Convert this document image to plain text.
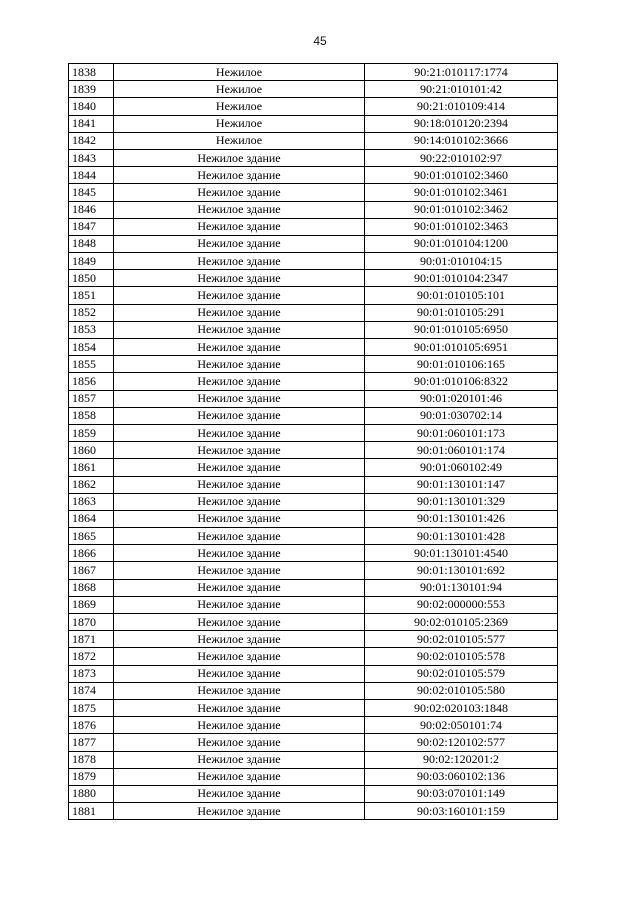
45
1838	Нежилое	90:21:010117:1774
1839	Нежилое	90:21:010101:42
1840	Нежилое	90:21:010109:414
1841	Нежилое	90:18:010120:2394
1842	Нежилое	90:14:010102:3666
1843	Нежилое здание	90:22:010102:97
1844	Нежилое здание	90:01:010102:3460
1845	Нежилое здание	90:01:010102:3461
1846	Нежилое здание	90:01:010102:3462
1847	Нежилое здание	90:01:010102:3463
1848	Нежилое здание	90:01:010104:1200
1849	Нежилое здание	90:01:010104:15
1850	Нежилое здание	90:01:010104:2347
1851	Нежилое здание	90:01:010105:101
1852	Нежилое здание	90:01:010105:291
1853	Нежилое здание	90:01:010105:6950
1854	Нежилое здание	90:01:010105:6951
1855	Нежилое здание	90:01:010106:165
1856	Нежилое здание	90:01:010106:8322
1857	Нежилое здание	90:01:020101:46
1858	Нежилое здание	90:01:030702:14
1859	Нежилое здание	90:01:060101:173
1860	Нежилое здание	90:01:060101:174
1861	Нежилое здание	90:01:060102:49
1862	Нежилое здание	90:01:130101:147
1863	Нежилое здание	90:01:130101:329
1864	Нежилое здание	90:01:130101:426
1865	Нежилое здание	90:01:130101:428
1866	Нежилое здание	90:01:130101:4540
1867	Нежилое здание	90:01:130101:692
1868	Нежилое здание	90:01:130101:94
1869	Нежилое здание	90:02:000000:553
1870	Нежилое здание	90:02:010105:2369
1871	Нежилое здание	90:02:010105:577
1872	Нежилое здание	90:02:010105:578
1873	Нежилое здание	90:02:010105:579
1874	Нежилое здание	90:02:010105:580
1875	Нежилое здание	90:02:020103:1848
1876	Нежилое здание	90:02:050101:74
1877	Нежилое здание	90:02:120102:577
1878	Нежилое здание	90:02:120201:2
1879	Нежилое здание	90:03:060102:136
1880	Нежилое здание	90:03:070101:149
1881	Нежилое здание	90:03:160101:159
